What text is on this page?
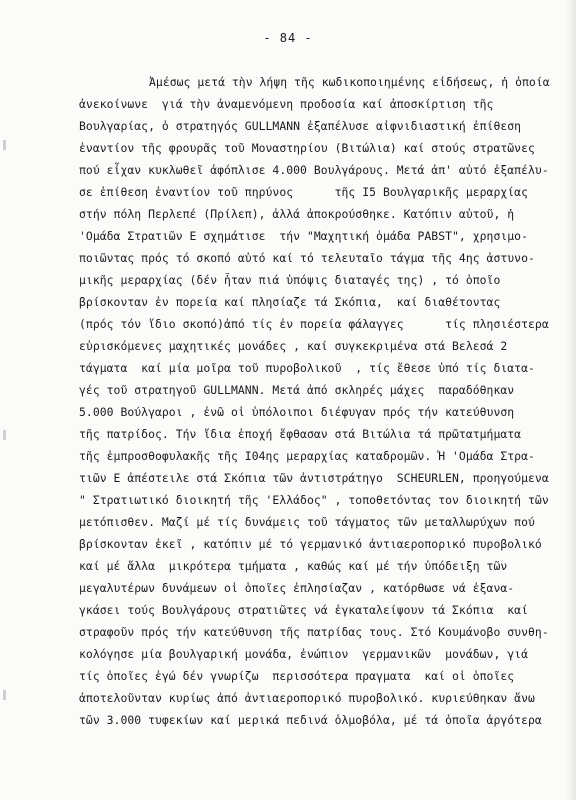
- 84 -
Ἀμέσως μετά τὴν λήψη τῆς κωδικοποιημένης εἰδήσεως, ἡ ὁποία
ἀνεκοίνωνε  γιά τὴν ἀναμενόμενη προδοσία καί ἀποσκίρτιση τῆς
Βουλγαρίας, ὁ στρατηγός GULLMANN ἐξαπέλυσε αἰφνιδιαστική ἐπίθεση
ἐναντίον τῆς φρουρᾶς τοῦ Μοναστηρίου (Βιτώλια) καί στούς στρατῶνες
πού εἶχαν κυκλωθεῖ ἀφόπλισε 4.000 Βουλγάρους. Μετά ἀπ' αὐτό ἐξαπέλυ-
σε ἐπίθεση ἐναντίον τοῦ πηρύνος      τῆς I5 Βουλγαρικῆς μεραρχίας
στήν πόλη Περλεπέ (Πρίλεπ), ἀλλά ἀποκρούσθηκε. Κατόπιν αὐτοῦ, ἡ
'Ομάδα Στρατιῶν Ε σχημάτισε  τήν "Μαχητική ὁμάδα PABST", χρησιμο-
ποιῶντας πρός τό σκοπό αὐτό καί τό τελευταῖο τάγμα τῆς 4ης ἀστυνο-
μικῆς μεραρχίας (δέν ἦταν πιά ὑπόψις διαταγές της) , τό ὁποῖο
βρίσκονταν ἐν πορεία καί πλησίαζε τά Σκόπια,  καί διαθέτοντας
(πρός τόν ἴδιο σκοπό)ἀπό τίς ἐν πορεία φάλαγγες      τίς πλησιέστερα
εὐρισκόμενες μαχητικές μονάδες , καί συγκεκριμένα στά Βελεσά 2
τάγματα  καί μία μοῖρα τοῦ πυροβολικοῦ  , τίς ἔθεσε ὑπό τίς διατα-
γές τοῦ στρατηγοῦ GULLMANN. Μετά ἀπό σκληρές μάχες  παραδόθηκαν
5.000 Βούλγαροι , ἐνῶ οἱ ὑπόλοιποι διέφυγαν πρός τήν κατεύθυνση
τῆς πατρίδος. Τήν ἴδια ἐποχή ἔφθασαν στά Βιτώλια τά πρῶτατμήματα
τῆς ἐμπροσθοφυλακῆς τῆς Ι04ης μεραρχίας καταδρομῶν. Ἡ 'Ομάδα Στρα-
τιῶν Ε ἀπέστειλε στά Σκόπια τῶν ἀντιστράτηγο  SCHEURLEN, προηγούμενα
" Στρατιωτικό διοικητή τῆς 'Ελλάδος" , τοποθετόντας τον διοικητή τῶν
μετόπισθεν. Μαζί μέ τίς δυνάμεις τοῦ τάγματος τῶν μεταλλωρύχων πού
βρίσκονταν ἐκεῖ , κατόπιν μέ τό γερμανικό ἀντιαεροπορικό πυροβολικό
καί μέ ἄλλα  μικρότερα τμήματα , καθώς καί μέ τήν ὑπόδειξη τῶν
μεγαλυτέρων δυνάμεων οἱ ὁποῖες ἐπλησίαζαν , κατόρθωσε νά ἐξανα-
γκάσει τούς Βουλγάρους στρατιῶτες νά ἐγκαταλείψουν τά Σκόπια  καί
στραφοῦν πρός τήν κατεύθυνση τῆς πατρίδας τους. Στό Κουμάνοβο συνθη-
κολόγησε μία βουλγαρική μονάδα, ἐνώπιον  γερμανικῶν  μονάδων, γιά
τίς ὁποῖες ἐγώ δέν γνωρίζω  περισσότερα πραγματα  καί οἱ ὁποῖες
ἀποτελοῦνταν κυρίως ἀπό ἀντιαεροπορικό πυροβολικό. κυριεύθηκαν ἄνω
τῶν 3.000 τυφεκίων καί μερικά πεδινά ὁλμοβόλα, μέ τά ὁποῖα ἀργότερα
